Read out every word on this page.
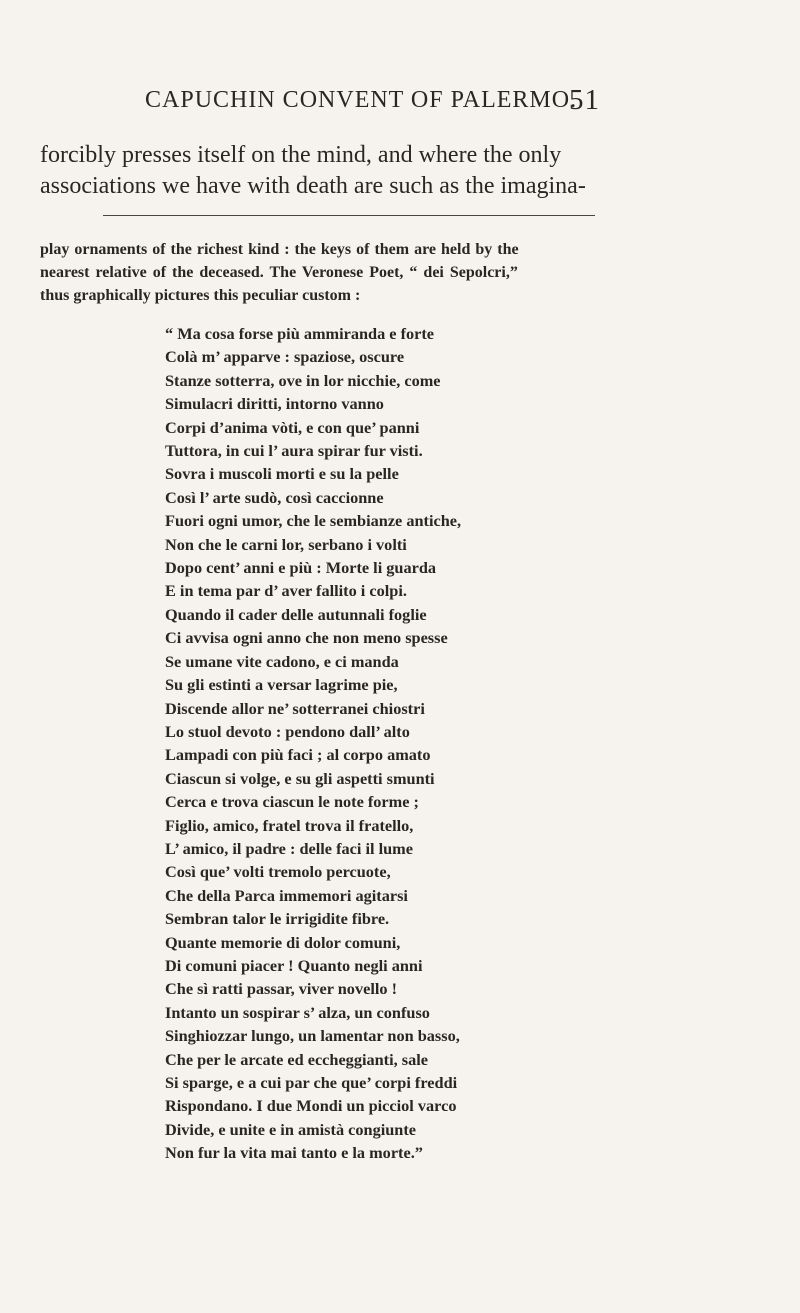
CAPUCHIN CONVENT OF PALERMO.
51
forcibly presses itself on the mind, and where the only
associations we have with death are such as the imagina-
play ornaments of the richest kind : the keys of them are held by the
nearest relative of the deceased. The Veronese Poet, “ dei Sepolcri,”
thus graphically pictures this peculiar custom :
“ Ma cosa forse più ammiranda e forte
Colà m’ apparve : spaziose, oscure
Stanze sotterra, ove in lor nicchie, come
Simulacri diritti, intorno vanno
Corpi d’anima vòti, e con que’ panni
Tuttora, in cui l’ aura spirar fur visti.
Sovra i muscoli morti e su la pelle
Così l’ arte sudò, così caccionne
Fuori ogni umor, che le sembianze antiche,
Non che le carni lor, serbano i volti
Dopo cent’ anni e più : Morte li guarda
E in tema par d’ aver fallito i colpi.
Quando il cader delle autunnali foglie
Ci avvisa ogni anno che non meno spesse
Se umane vite cadono, e ci manda
Su gli estinti a versar lagrime pie,
Discende allor ne’ sotterranei chiostri
Lo stuol devoto : pendono dall’ alto
Lampadi con più faci ; al corpo amato
Ciascun si volge, e su gli aspetti smunti
Cerca e trova ciascun le note forme ;
Figlio, amico, fratel trova il fratello,
L’ amico, il padre : delle faci il lume
Così que’ volti tremolo percuote,
Che della Parca immemori agitarsi
Sembran talor le irrigidite fibre.
Quante memorie di dolor comuni,
Di comuni piacer ! Quanto negli anni
Che sì ratti passar, viver novello !
Intanto un sospirar s’ alza, un confuso
Singhiozzar lungo, un lamentar non basso,
Che per le arcate ed eccheggianti, sale
Si sparge, e a cui par che que’ corpi freddi
Rispondano. I due Mondi un picciol varco
Divide, e unite e in amistà congiunte
Non fur la vita mai tanto e la morte.”
